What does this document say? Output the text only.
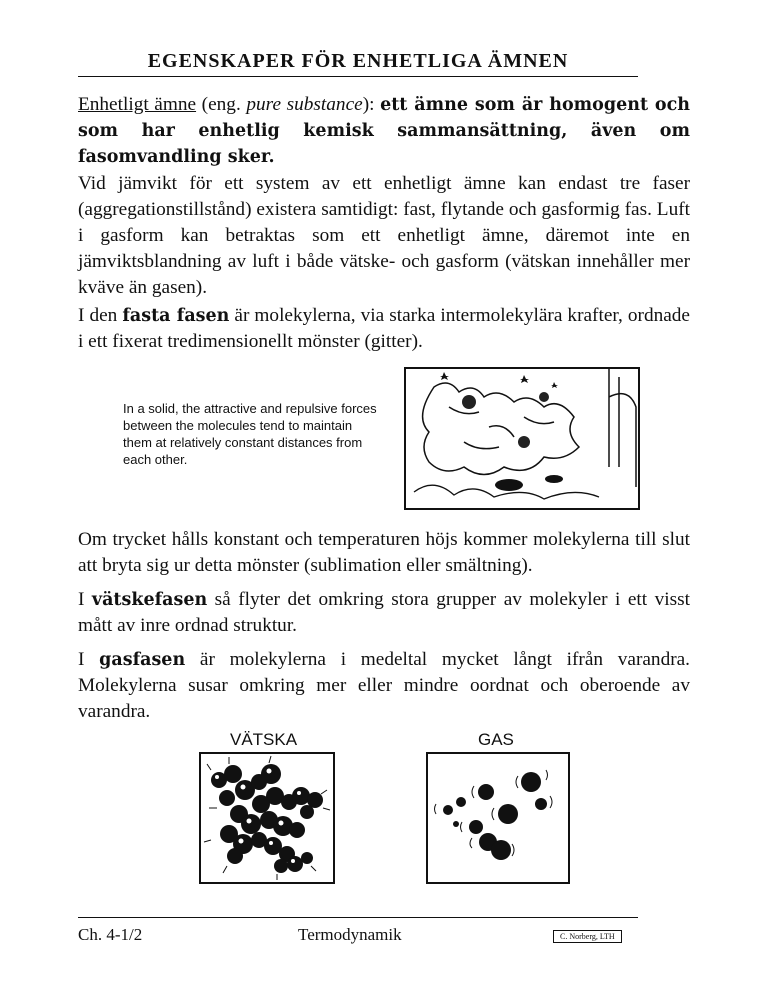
EGENSKAPER FÖR ENHETLIGA ÄMNEN
Enhetligt ämne (eng. pure substance): ett ämne som är homogent och som har enhetlig kemisk sammansättning, även om fasomvandling sker.
Vid jämvikt för ett system av ett enhetligt ämne kan endast tre faser (aggregationstillstånd) existera samtidigt: fast, flytande och gasformig fas. Luft i gasform kan betraktas som ett enhetligt ämne, däremot inte en jämviktsblandning av luft i både vätske- och gasform (vätskan innehåller mer kväve än gasen).
I den fasta fasen är molekylerna, via starka intermolekylära krafter, ordnade i ett fixerat tredimensionellt mönster (gitter).
In a solid, the attractive and repulsive forces between the molecules tend to maintain them at relatively constant distances from each other.
Om trycket hålls konstant och temperaturen höjs kommer molekylerna till slut att bryta sig ur detta mönster (sublimation eller smältning).
I vätskefasen så flyter det omkring stora grupper av molekyler i ett visst mått av inre ordnad struktur.
I gasfasen är molekylerna i medeltal mycket långt ifrån varandra. Molekylerna susar omkring mer eller mindre oordnat och oberoende av varandra.
VÄTSKA	GAS
Ch. 4-1/2	Termodynamik	C. Norberg, LTH
